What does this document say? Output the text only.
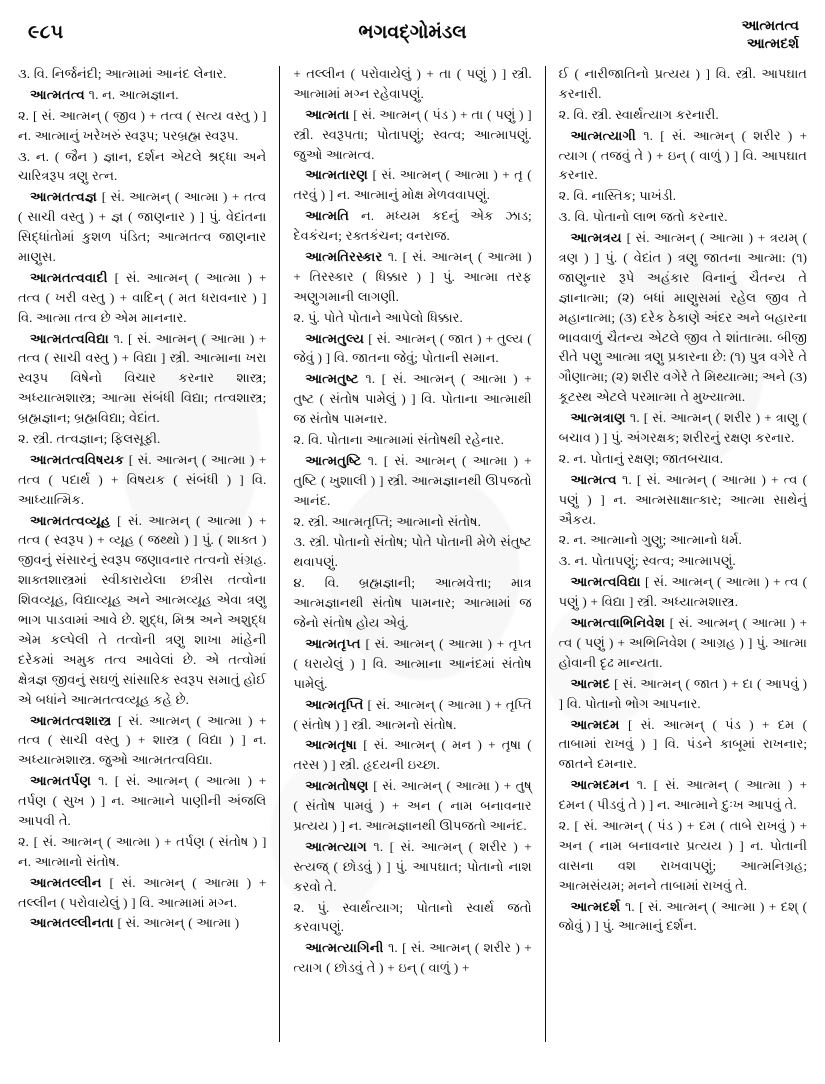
૯૮૫	ભગવદ્ગોમંડલ	આત્મતત્વ
આત્મદર્શ

૩. વિ. નિર્જનંદી; આત્મામાં આનંદ લેનાર.

આત્મતત્વ ૧. ન. આત્મજ્ઞાન.

૨. [ સં. આત્મન્ ( જીવ ) + તત્વ ( સત્ય વસ્તુ ) ] ન. આત્માનું ખરેખરું સ્વરૂપ; પરબ્રહ્મ સ્વરૂપ.

૩. ન. ( જૈન ) જ્ઞાન, દર્શન એટલે શ્રદ્ધા અને ચારિત્રરૂપ ત્રણુ રત્ન.

આત્મતત્વજ્ઞ [ સં. આત્મન્ ( આત્મા ) + તત્વ ( સાચી વસ્તુ ) + જ્ઞ ( જાણનાર ) ] પું. વેદાંતના સિદ્ધાંતોમાં કુશળ પંડિત; આત્મતત્વ જાણનાર માણુસ.

આત્મતત્વવાદી [ સં. આત્મન્ ( આત્મા ) + તત્વ ( ખરી વસ્તુ ) + વાદિન્ ( મત ધરાવનાર ) ] વિ. આત્મા તત્વ છે એમ માનનાર.

આત્મતત્વવિદ્યા ૧. [ સં. આત્મન્ ( આત્મા ) + તત્વ ( સાચી વસ્તુ ) + વિદ્યા ] સ્ત્રી. આત્માના ખરા સ્વરૂપ વિષેનો વિચાર કરનાર શાસ્ત્ર; અધ્યાત્મશાસ્ત્ર; આત્મા સંબંધી વિદ્યા; તત્વશાસ્ત્ર; બ્રહ્મજ્ઞાન; બ્રહ્મવિદ્યા; વેદાંત.

૨. સ્ત્રી. તત્વજ્ઞાન; ફિલસૂફી.

આત્મતત્વવિષયક [ સં. આત્મન્ ( આત્મા ) + તત્વ ( પદાર્થ ) + વિષયક ( સંબંધી ) ] વિ. આધ્યાત્મિક.

આત્મતત્વવ્યૂહ [ સં. આત્મન્ ( આત્મા ) + તત્વ ( સ્વરૂપ ) + વ્યૂહ ( જથ્થો ) ] પું. ( શાક્ત ) જીવનું સંસારનું સ્વરૂપ જણાવનાર તત્વનો સંગ્રહ. શાક્તશાસ્ત્રમાં સ્વીકારાયેલા છત્રીસ તત્વોના શિવવ્યૂહ, વિદ્યાવ્યૂહ અને આત્મવ્યૂહ એવા ત્રણુ ભાગ પાડવામાં આવે છે. શુદ્ધ, મિશ્ર અને અશુદ્ધ એમ કલ્પેલી તે તત્વોની ત્રણુ શાખા માંહેની દરેકમાં અમુક તત્વ આવેલાં છે. એ તત્વોમાં ક્ષેત્રજ્ઞ જીવનું સઘળું સાંસારિક સ્વરૂપ સમાતું હોઈ એ બધાંને આત્મતત્વવ્યૂહ કહે છે.

આત્મતત્વશાસ્ત્ર [ સં. આત્મન્ ( આત્મા ) + તત્વ ( સાચી વસ્તુ ) + શાસ્ત્ર ( વિદ્યા ) ] ન. અધ્યાત્મશાસ્ત્ર. જુઓ આત્મતત્વવિદ્યા.

આત્મતર્પણ ૧. [ સં. આત્મન્ ( આત્મા ) + તર્પણ ( સુખ ) ] ન. આત્માને પાણીની અંજલિ આપવી તે.

૨. [ સં. આત્મન્ ( આત્મા ) + તર્પણ ( સંતોષ ) ] ન. આત્માનો સંતોષ.

આત્મતલ્લીન [ સં. આત્મન્ ( આત્મા ) + તલ્લીન ( પરોવાયેલું ) ] વિ. આત્મામાં મગ્ન.

આત્મતલ્લીનતા [ સં. આત્મન્ ( આત્મા )

+ તલ્લીન ( પરોવાયેલું ) + તા ( પણું ) ] સ્ત્રી. આત્મામાં મગ્ન રહેવાપણું.

આત્મતા [ સં. આત્મન્ ( પંડ ) + તા ( પણું ) ] સ્ત્રી. સ્વરૂપતા; પોતાપણું; સ્વત્વ; આત્માપણું. જુઓ આત્મત્વ.

આત્મતારણ [ સં. આત્મન્ ( આત્મા ) + તૃ ( તરવું ) ] ન. આત્માનું મોક્ષ મેળવવાપણું.

આત્મતિ ન. મધ્યમ કદનું એક ઝાડ; દેવકંચન; રક્તકંચન; વનરાજ.

આત્મતિરસ્કાર ૧. [ સં. આત્મન્ ( આત્મા ) + તિરસ્કાર ( ધિક્કાર ) ] પું. આત્મા તરફ અણુગમાની લાગણી.

૨. પું. પોતે પોતાને આપેલો ધિક્કાર.

આત્મતુલ્ય [ સં. આત્મન્ ( જાત ) + તુલ્ય ( જેવું ) ] વિ. જાતના જેવું; પોતાની સમાન.

આત્મતુષ્ટ ૧. [ સં. આત્મન્ ( આત્મા ) + તુષ્ટ ( સંતોષ પામેલું ) ] વિ. પોતાના આત્માથી જ સંતોષ પામનાર.

૨. વિ. પોતાના આત્મામાં સંતોષથી રહેનાર.

આત્મતુષ્ટિ ૧. [ સં. આત્મન્ ( આત્મા ) + તુષ્ટિ ( ખુશાલી ) ] સ્ત્રી. આત્મજ્ઞાનથી ઊપજતો આનંદ.

૨. સ્ત્રી. આત્મતૃપ્તિ; આત્માનો સંતોષ.

૩. સ્ત્રી. પોતાનો સંતોષ; પોતે પોતાની મેળે સંતુષ્ટ થવાપણું.

૪. વિ. બ્રહ્મજ્ઞાની; આત્મવેત્તા; માત્ર આત્મજ્ઞાનથી સંતોષ પામનાર; આત્મામાં જ જેનો સંતોષ હોય એવું.

આત્મતૃપ્ત [ સં. આત્મન્ ( આત્મા ) + તૃપ્ત ( ધરાયેલું ) ] વિ. આત્માના આનંદમાં સંતોષ પામેલું.

આત્મતૃપ્તિ [ સં. આત્મન્ ( આત્મા ) + તૃપ્તિ ( સંતોષ ) ] સ્ત્રી. આત્મનો સંતોષ.

આત્મતૃષા [ સં. આત્મન્ ( મન ) + તૃષા ( તરસ ) ] સ્ત્રી. હૃદયની ઇચ્છા.

આત્મતોષણ [ સં. આત્મન્ ( આત્મા ) + તુષ્ ( સંતોષ પામવું ) + અન ( નામ બનાવનાર પ્રત્યય ) ] ન. આત્મજ્ઞાનથી ઊપજતો આનંદ.

આત્મત્યાગ ૧. [ સં. આત્મન્ ( શરીર ) + સ્ત્યજ્ ( છોડવું ) ] પું. આપઘાત; પોતાનો નાશ કરવો તે.

૨. પું. સ્વાર્થત્યાગ; પોતાનો સ્વાર્થ જતો કરવાપણું.

આત્મત્યાગિની ૧. [ સં. આત્મન્ ( શરીર ) + ત્યાગ ( છોડવું તે ) + ઇન્ ( વાળું ) +

ઈ ( નારીજાતિનો પ્રત્યય ) ] વિ. સ્ત્રી. આપઘાત કરનારી.

૨. વિ. સ્ત્રી. સ્વાર્થત્યાગ કરનારી.

આત્મત્યાગી ૧. [ સં. આત્મન્ ( શરીર ) + ત્યાગ ( તજવું તે ) + ઇન્ ( વાળું ) ] વિ. આપઘાત કરનાર.

૨. વિ. નાસ્તિક; પાખંડી.

૩. વિ. પોતાનો લાભ જતો કરનાર.

આત્મત્રય [ સં. આત્મન્ ( આત્મા ) + ત્રયમ્ ( ત્રણ ) ] પું. ( વેદાંત ) ત્રણુ જાતના આત્મા: (૧) જાણુનાર રૂપે અહંકાર વિનાનું ચૈતન્ય તે જ્ઞાનાત્મા; (૨) બધાં માણુસમાં રહેલ જીવ તે મહાનાત્મા; (૩) દરેક ઠેકાણે અંદર અને બહારના ભાવવાળું ચૈતન્ય એટલે જીવ તે શાંતાત્મા. બીજી રીતે પણુ આત્મા ત્રણુ પ્રકારના છે: (૧) પુત્ર વગેરે તે ગૌણાત્મા; (૨) શરીર વગેરે તે મિથ્યાત્મા; અને (૩) કૂટસ્થ એટલે પરમાત્મા તે મુખ્યાત્મા.

આત્મત્રાણ ૧. [ સં. આત્મન્ ( શરીર ) + ત્રાણુ ( બચાવ ) ] પું. અંગરક્ષક; શરીરનું રક્ષણ કરનાર.

૨. ન. પોતાનું રક્ષણ; જાતબચાવ.

આત્મત્વ ૧. [ સં. આત્મન્ ( આત્મા ) + ત્વ ( પણું ) ] ન. આત્મસાક્ષાત્કાર; આત્મા સાથેનું ઐકય.

૨. ન. આત્માનો ગુણુ; આત્માનો ધર્મ.

૩. ન. પોતાપણું; સ્વત્વ; આત્માપણું.

આત્મત્વવિદ્યા [ સં. આત્મન્ ( આત્મા ) + ત્વ ( પણું ) + વિદ્યા ] સ્ત્રી. અધ્યાત્મશાસ્ત્ર.

આત્મત્વાભિનિવેશ [ સં. આત્મન્ ( આત્મા ) + ત્વ ( પણું ) + અભિનિવેશ ( આગ્રહ ) ] પું. આત્મા હોવાની દૃઢ માન્યતા.

આત્મદ [ સં. આત્મન્ ( જાત ) + દા ( આપવું ) ] વિ. પોતાનો ભોગ આપનાર.

આત્મદમ [ સં. આત્મન્ ( પંડ ) + દમ ( તાબામાં રાખવું ) ] વિ. પંડને કાબૂમાં રાખનાર; જાતને દમનાર.

આત્મદમન ૧. [ સં. આત્મન્ ( આત્મા ) + દમન ( પીડવું તે ) ] ન. આત્માને દુઃખ આપવું તે.

૨. [ સં. આત્મન્ ( પંડ ) + દમ ( તાબે રાખવું ) + અન ( નામ બનાવનાર પ્રત્યય ) ] ન. પોતાની વાસના વશ રાખવાપણું; આત્મનિગ્રહ; આત્મસંયમ; મનને તાબામાં રાખવું તે.

આત્મદર્શ ૧. [ સં. આત્મન્ ( આત્મા ) + દશ્ ( જોવું ) ] પું. આત્માનું દર્શન.
